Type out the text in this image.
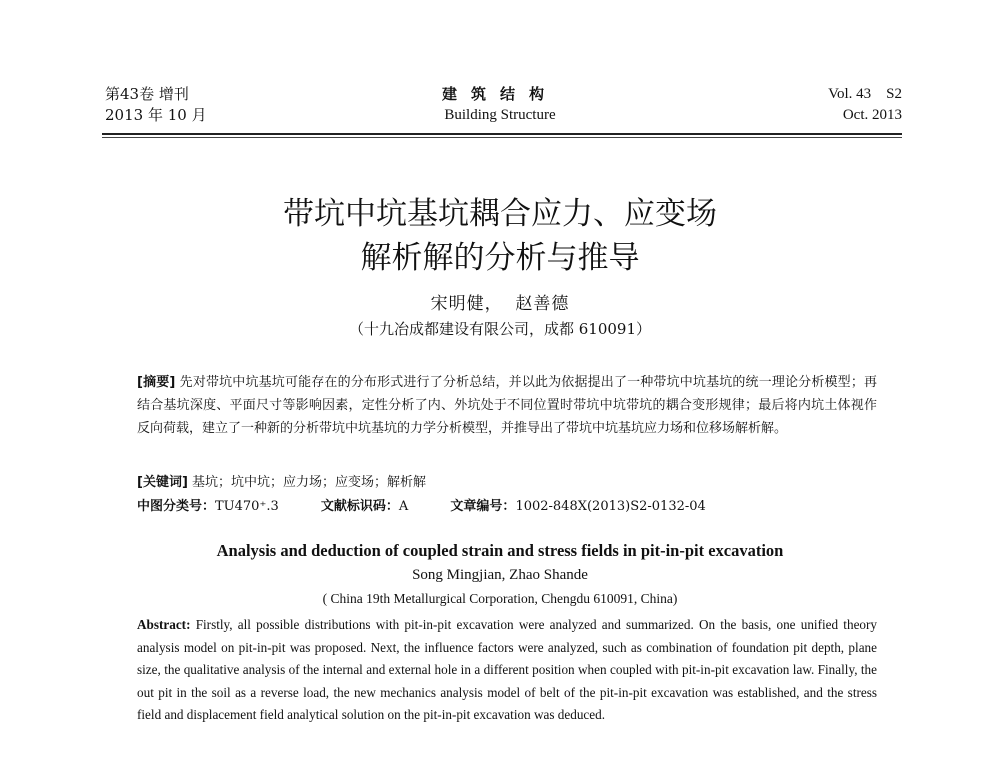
第43卷 增刊
2013 年 10 月
建筑结构
Building Structure
Vol. 43    S2
Oct. 2013
带坑中坑基坑耦合应力、应变场
解析解的分析与推导
宋明健，  赵善德
（十九冶成都建设有限公司，成都 610091）
[摘要] 先对带坑中坑基坑可能存在的分布形式进行了分析总结，并以此为依据提出了一种带坑中坑基坑的统一理论分析模型；再结合基坑深度、平面尺寸等影响因素，定性分析了内、外坑处于不同位置时带坑中坑带坑的耦合变形规律；最后将内坑土体视作反向荷载，建立了一种新的分析带坑中坑基坑的力学分析模型，并推导出了带坑中坑基坑应力场和位移场解析解。
[关键词] 基坑；坑中坑；应力场；应变场；解析解
中图分类号：TU470⁺.3	文献标识码：A	文章编号：1002-848X(2013)S2-0132-04
Analysis and deduction of coupled strain and stress fields in pit-in-pit excavation
Song Mingjian, Zhao Shande
( China 19th Metallurgical Corporation, Chengdu 610091, China)
Abstract: Firstly, all possible distributions with pit-in-pit excavation were analyzed and summarized. On the basis, one unified theory analysis model on pit-in-pit was proposed. Next, the influence factors were analyzed, such as combination of foundation pit depth, plane size, the qualitative analysis of the internal and external hole in a different position when coupled with pit-in-pit excavation law. Finally, the out pit in the soil as a reverse load, the new mechanics analysis model of belt of the pit-in-pit excavation was established, and the stress field and displacement field analytical solution on the pit-in-pit excavation was deduced.
